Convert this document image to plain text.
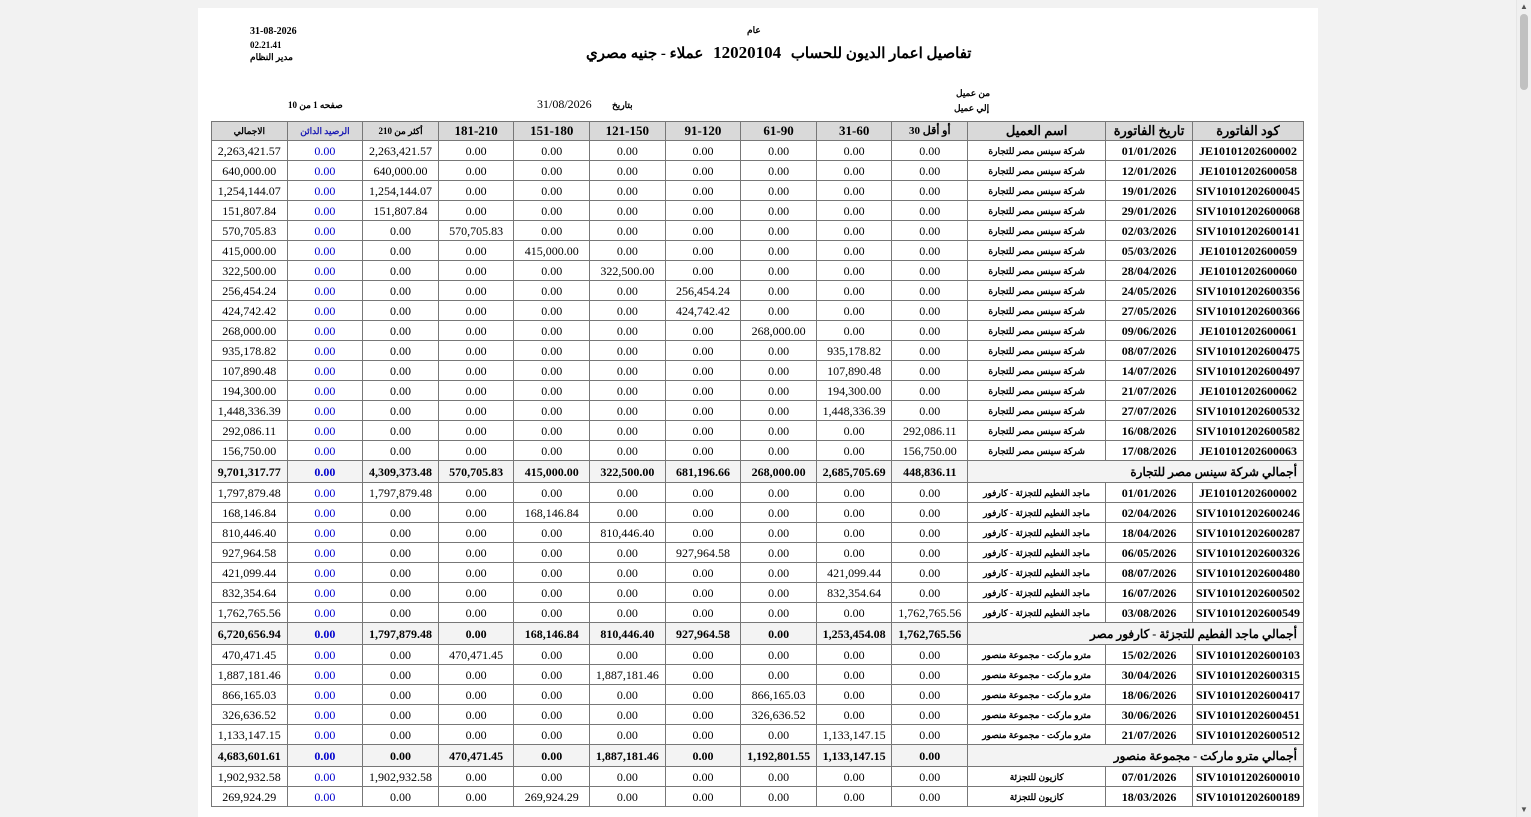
31-08-2026
02.21.41
مدير النظام
عام
تفاصيل اعمار الديون للحساب 12020104 عملاء - جنيه مصري
من عميل
إلي عميل
31/08/2026 بتاريخ
صفحه 1 من 10
الاجمالي	الرصيد الدائن	أكثر من 210	181-210	151-180	121-150	91-120	61-90	31-60	30 أو أقل	اسم العميل	تاريخ الفاتورة	كود الفاتورة
2,263,421.57	0.00	2,263,421.57	0.00	0.00	0.00	0.00	0.00	0.00	0.00	شركة سينس مصر للتجارة	01/01/2026	JE10101202600002
640,000.00	0.00	640,000.00	0.00	0.00	0.00	0.00	0.00	0.00	0.00	شركة سينس مصر للتجارة	12/01/2026	JE10101202600058
1,254,144.07	0.00	1,254,144.07	0.00	0.00	0.00	0.00	0.00	0.00	0.00	شركة سينس مصر للتجارة	19/01/2026	SIV10101202600045
151,807.84	0.00	151,807.84	0.00	0.00	0.00	0.00	0.00	0.00	0.00	شركة سينس مصر للتجارة	29/01/2026	SIV10101202600068
570,705.83	0.00	0.00	570,705.83	0.00	0.00	0.00	0.00	0.00	0.00	شركة سينس مصر للتجارة	02/03/2026	SIV10101202600141
415,000.00	0.00	0.00	0.00	415,000.00	0.00	0.00	0.00	0.00	0.00	شركة سينس مصر للتجارة	05/03/2026	JE10101202600059
322,500.00	0.00	0.00	0.00	0.00	322,500.00	0.00	0.00	0.00	0.00	شركة سينس مصر للتجارة	28/04/2026	JE10101202600060
256,454.24	0.00	0.00	0.00	0.00	0.00	256,454.24	0.00	0.00	0.00	شركة سينس مصر للتجارة	24/05/2026	SIV10101202600356
424,742.42	0.00	0.00	0.00	0.00	0.00	424,742.42	0.00	0.00	0.00	شركة سينس مصر للتجارة	27/05/2026	SIV10101202600366
268,000.00	0.00	0.00	0.00	0.00	0.00	0.00	268,000.00	0.00	0.00	شركة سينس مصر للتجارة	09/06/2026	JE10101202600061
935,178.82	0.00	0.00	0.00	0.00	0.00	0.00	0.00	935,178.82	0.00	شركة سينس مصر للتجارة	08/07/2026	SIV10101202600475
107,890.48	0.00	0.00	0.00	0.00	0.00	0.00	0.00	107,890.48	0.00	شركة سينس مصر للتجارة	14/07/2026	SIV10101202600497
194,300.00	0.00	0.00	0.00	0.00	0.00	0.00	0.00	194,300.00	0.00	شركة سينس مصر للتجارة	21/07/2026	JE10101202600062
1,448,336.39	0.00	0.00	0.00	0.00	0.00	0.00	0.00	1,448,336.39	0.00	شركة سينس مصر للتجارة	27/07/2026	SIV10101202600532
292,086.11	0.00	0.00	0.00	0.00	0.00	0.00	0.00	0.00	292,086.11	شركة سينس مصر للتجارة	16/08/2026	SIV10101202600582
156,750.00	0.00	0.00	0.00	0.00	0.00	0.00	0.00	0.00	156,750.00	شركة سينس مصر للتجارة	17/08/2026	JE10101202600063
9,701,317.77	0.00	4,309,373.48	570,705.83	415,000.00	322,500.00	681,196.66	268,000.00	2,685,705.69	448,836.11	أجمالي شركة سينس مصر للتجارة		
1,797,879.48	0.00	1,797,879.48	0.00	0.00	0.00	0.00	0.00	0.00	0.00	ماجد الفطيم للتجزئة - كارفور	01/01/2026	JE10101202600002
168,146.84	0.00	0.00	0.00	168,146.84	0.00	0.00	0.00	0.00	0.00	ماجد الفطيم للتجزئة - كارفور	02/04/2026	SIV10101202600246
810,446.40	0.00	0.00	0.00	0.00	810,446.40	0.00	0.00	0.00	0.00	ماجد الفطيم للتجزئة - كارفور	18/04/2026	SIV10101202600287
927,964.58	0.00	0.00	0.00	0.00	0.00	927,964.58	0.00	0.00	0.00	ماجد الفطيم للتجزئة - كارفور	06/05/2026	SIV10101202600326
421,099.44	0.00	0.00	0.00	0.00	0.00	0.00	0.00	421,099.44	0.00	ماجد الفطيم للتجزئة - كارفور	08/07/2026	SIV10101202600480
832,354.64	0.00	0.00	0.00	0.00	0.00	0.00	0.00	832,354.64	0.00	ماجد الفطيم للتجزئة - كارفور	16/07/2026	SIV10101202600502
1,762,765.56	0.00	0.00	0.00	0.00	0.00	0.00	0.00	0.00	1,762,765.56	ماجد الفطيم للتجزئة - كارفور	03/08/2026	SIV10101202600549
6,720,656.94	0.00	1,797,879.48	0.00	168,146.84	810,446.40	927,964.58	0.00	1,253,454.08	1,762,765.56	أجمالي ماجد الفطيم للتجزئة - كارفور مصر		
470,471.45	0.00	0.00	470,471.45	0.00	0.00	0.00	0.00	0.00	0.00	مترو ماركت - مجموعة منصور	15/02/2026	SIV10101202600103
1,887,181.46	0.00	0.00	0.00	0.00	1,887,181.46	0.00	0.00	0.00	0.00	مترو ماركت - مجموعة منصور	30/04/2026	SIV10101202600315
866,165.03	0.00	0.00	0.00	0.00	0.00	0.00	866,165.03	0.00	0.00	مترو ماركت - مجموعة منصور	18/06/2026	SIV10101202600417
326,636.52	0.00	0.00	0.00	0.00	0.00	0.00	326,636.52	0.00	0.00	مترو ماركت - مجموعة منصور	30/06/2026	SIV10101202600451
1,133,147.15	0.00	0.00	0.00	0.00	0.00	0.00	0.00	1,133,147.15	0.00	مترو ماركت - مجموعة منصور	21/07/2026	SIV10101202600512
4,683,601.61	0.00	0.00	470,471.45	0.00	1,887,181.46	0.00	1,192,801.55	1,133,147.15	0.00	أجمالي مترو ماركت - مجموعة منصور		
1,902,932.58	0.00	1,902,932.58	0.00	0.00	0.00	0.00	0.00	0.00	0.00	كازيون للتجزئة	07/01/2026	SIV10101202600010
269,924.29	0.00	0.00	0.00	269,924.29	0.00	0.00	0.00	0.00	0.00	كازيون للتجزئة	18/03/2026	SIV10101202600189
▲
▼
